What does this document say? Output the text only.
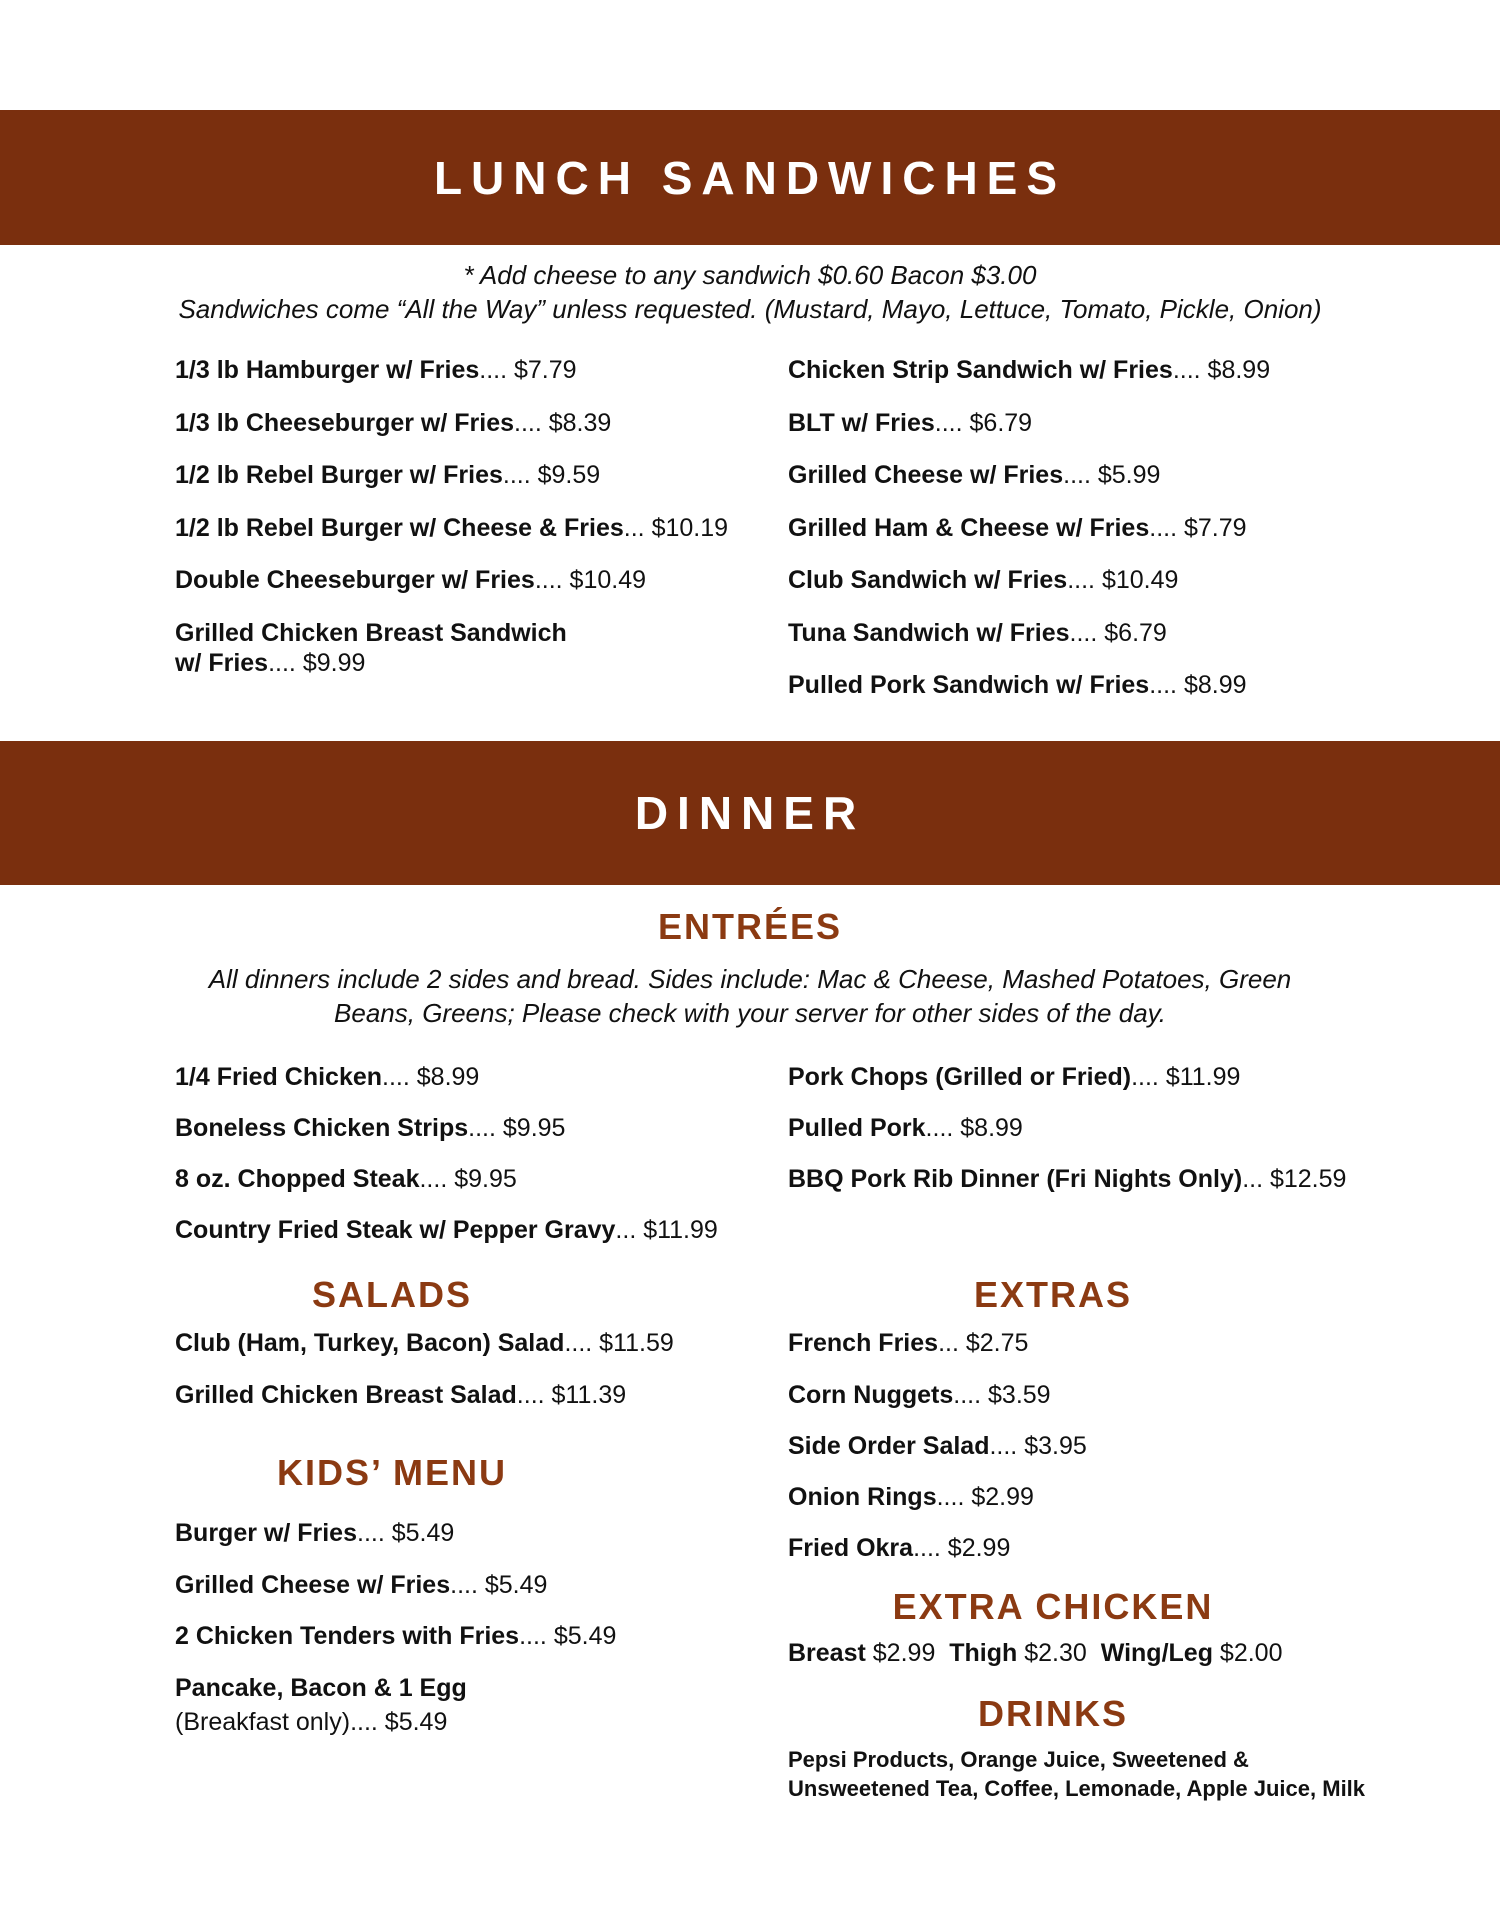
LUNCH SANDWICHES
* Add cheese to any sandwich $0.60 Bacon $3.00
Sandwiches come “All the Way” unless requested. (Mustard, Mayo, Lettuce, Tomato, Pickle, Onion)
1/3 lb Hamburger w/ Fries.... $7.79
1/3 lb Cheeseburger w/ Fries.... $8.39
1/2 lb Rebel Burger w/ Fries.... $9.59
1/2 lb Rebel Burger w/ Cheese & Fries... $10.19
Double Cheeseburger w/ Fries.... $10.49
Grilled Chicken Breast Sandwich
w/ Fries.... $9.99
Chicken Strip Sandwich w/ Fries.... $8.99
BLT w/ Fries.... $6.79
Grilled Cheese w/ Fries.... $5.99
Grilled Ham & Cheese w/ Fries.... $7.79
Club Sandwich w/ Fries.... $10.49
Tuna Sandwich w/ Fries.... $6.79
Pulled Pork Sandwich w/ Fries.... $8.99
DINNER
ENTRÉES
All dinners include 2 sides and bread. Sides include: Mac & Cheese, Mashed Potatoes, Green
Beans, Greens; Please check with your server for other sides of the day.
1/4 Fried Chicken.... $8.99
Boneless Chicken Strips.... $9.95
8 oz. Chopped Steak.... $9.95
Country Fried Steak w/ Pepper Gravy... $11.99
Pork Chops (Grilled or Fried).... $11.99
Pulled Pork.... $8.99
BBQ Pork Rib Dinner (Fri Nights Only)... $12.59
SALADS
Club (Ham, Turkey, Bacon) Salad.... $11.59
Grilled Chicken Breast Salad.... $11.39
KIDS’ MENU
Burger w/ Fries.... $5.49
Grilled Cheese w/ Fries.... $5.49
2 Chicken Tenders with Fries.... $5.49
Pancake, Bacon & 1 Egg
(Breakfast only).... $5.49
EXTRAS
French Fries... $2.75
Corn Nuggets.... $3.59
Side Order Salad.... $3.95
Onion Rings.... $2.99
Fried Okra.... $2.99
EXTRA CHICKEN
Breast $2.99 Thigh $2.30 Wing/Leg $2.00
DRINKS
Pepsi Products, Orange Juice, Sweetened &
Unsweetened Tea, Coffee, Lemonade, Apple Juice, Milk
